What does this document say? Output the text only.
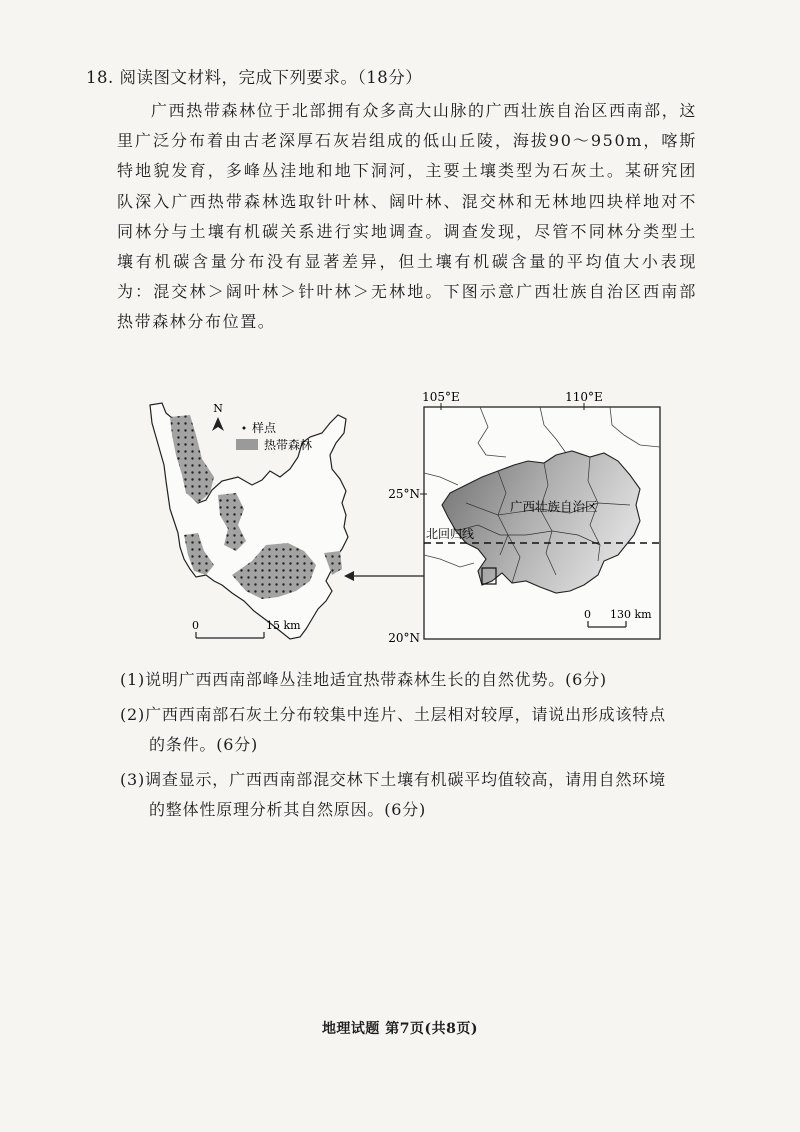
18. 阅读图文材料，完成下列要求。（18分）
广西热带森林位于北部拥有众多高大山脉的广西壮族自治区西南部，这里广泛分布着由古老深厚石灰岩组成的低山丘陵，海拔90～950m，喀斯特地貌发育，多峰丛洼地和地下洞河，主要土壤类型为石灰土。某研究团队深入广西热带森林选取针叶林、阔叶林、混交林和无林地四块样地对不同林分与土壤有机碳关系进行实地调查。调查发现，尽管不同林分类型土壤有机碳含量分布没有显著差异，但土壤有机碳含量的平均值大小表现为：混交林＞阔叶林＞针叶林＞无林地。下图示意广西壮族自治区西南部热带森林分布位置。
N
样点
热带森林
0	15 km
105°E	110°E
25°N
20°N
北回归线
广西壮族自治区
0 130 km
(1)说明广西西南部峰丛洼地适宜热带森林生长的自然优势。(6分)
(2)广西西南部石灰土分布较集中连片、土层相对较厚，请说出形成该特点
的条件。(6分)
(3)调查显示，广西西南部混交林下土壤有机碳平均值较高，请用自然环境
的整体性原理分析其自然原因。(6分)
地理试题 第7页(共8页)
